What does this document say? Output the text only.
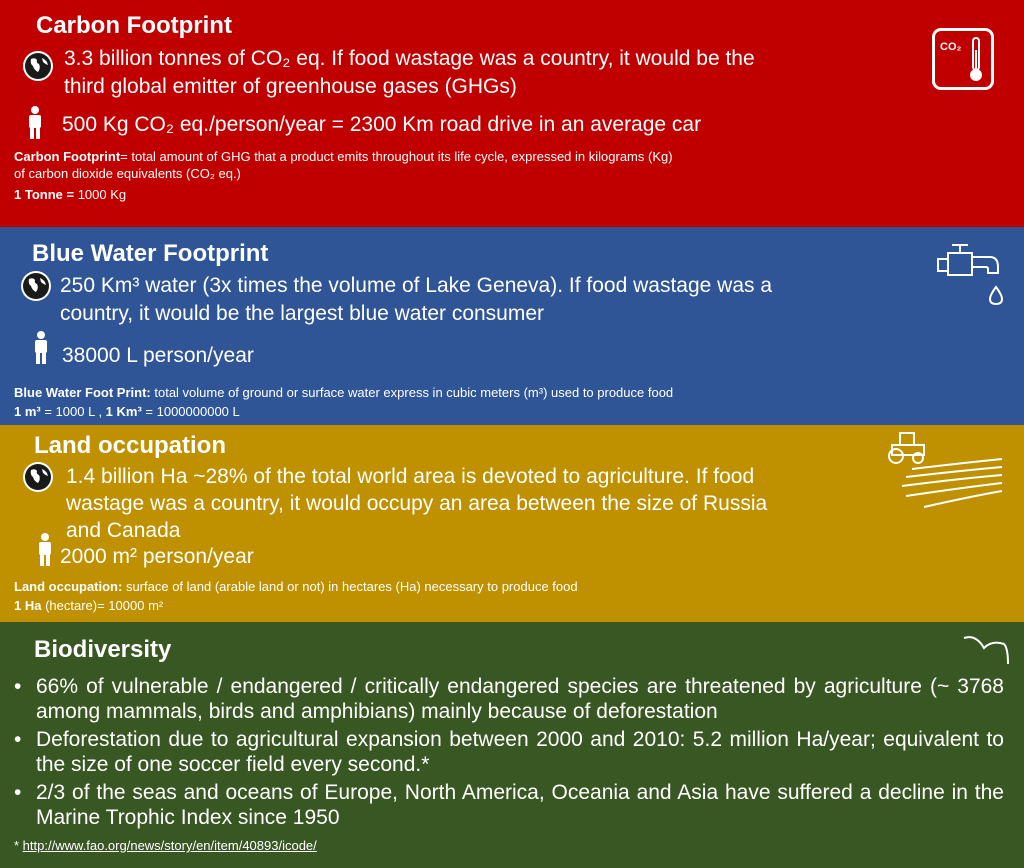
Carbon Footprint
3.3 billion tonnes of CO₂ eq. If food wastage was a country, it would be the
third global emitter of greenhouse gases (GHGs)
500 Kg CO₂ eq./person/year = 2300 Km road drive in an average car
Carbon Footprint= total amount of GHG that a product emits throughout its life cycle, expressed in kilograms (Kg)
of carbon dioxide equivalents (CO₂ eq.)
1 Tonne = 1000 Kg
CO₂
Blue Water Footprint
250 Km³ water (3x times the volume of Lake Geneva). If food wastage was a
country, it would be the largest blue water consumer
38000 L person/year
Blue Water Foot Print: total volume of ground or surface water express in cubic meters (m³) used to produce food
1 m³ = 1000 L , 1 Km³ = 1000000000 L
Land occupation
1.4 billion Ha ~28% of the total world area is devoted to agriculture. If food
wastage was a country, it would occupy an area between the size of Russia
and Canada
2000 m² person/year
Land occupation: surface of land (arable land or not) in hectares (Ha) necessary to produce food
1 Ha (hectare)= 10000 m²
Biodiversity
• 66% of vulnerable / endangered / critically endangered species are threatened by agriculture (~ 3768 among mammals, birds and amphibians) mainly because of deforestation
• Deforestation due to agricultural expansion between 2000 and 2010: 5.2 million Ha/year; equivalent to the size of one soccer field every second.*
• 2/3 of the seas and oceans of Europe, North America, Oceania and Asia have suffered a decline in the Marine Trophic Index since 1950
* http://www.fao.org/news/story/en/item/40893/icode/
